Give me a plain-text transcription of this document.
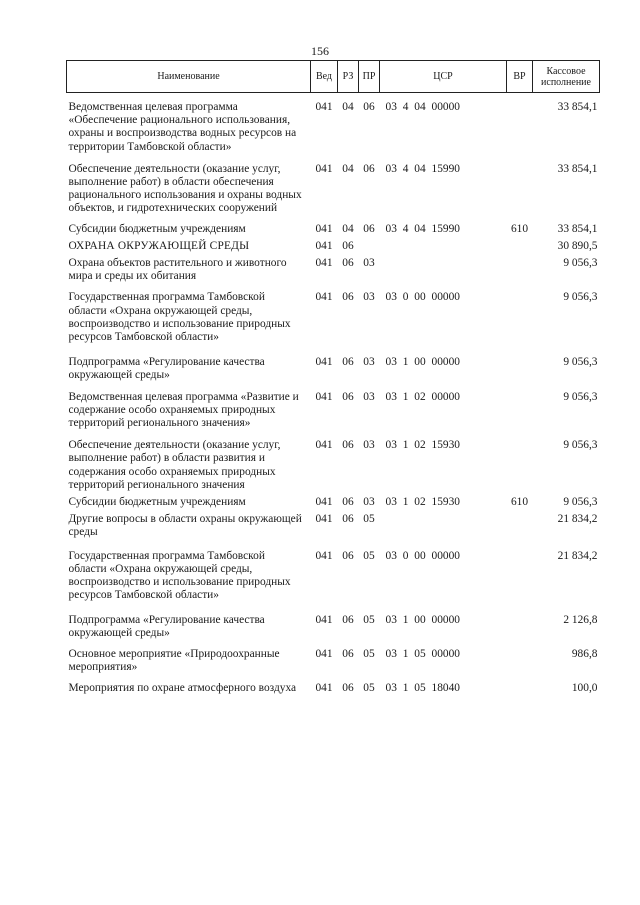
156
Наименование	Вед	РЗ	ПР	ЦСР	ВР	Кассовое исполнение
Ведомственная целевая программа «Обеспечение рационального использования, охраны и воспроизводства водных ресурсов на территории Тамбовской области»	041	04	06	03 4 04 00000		33 854,1
Обеспечение деятельности (оказание услуг, выполнение работ) в области обеспечения рационального использования и охраны водных объектов, и гидротехнических сооружений	041	04	06	03 4 04 15990		33 854,1
Субсидии бюджетным учреждениям	041	04	06	03 4 04 15990	610	33 854,1
ОХРАНА ОКРУЖАЮЩЕЙ СРЕДЫ	041	06				30 890,5
Охрана объектов растительного и животного мира и среды их обитания	041	06	03			9 056,3
Государственная программа Тамбовской области «Охрана окружающей среды, воспроизводство и использование природных ресурсов Тамбовской области»	041	06	03	03 0 00 00000		9 056,3
Подпрограмма «Регулирование качества окружающей среды»	041	06	03	03 1 00 00000		9 056,3
Ведомственная целевая программа «Развитие и содержание особо охраняемых природных территорий регионального значения»	041	06	03	03 1 02 00000		9 056,3
Обеспечение деятельности (оказание услуг, выполнение работ) в области развития и содержания особо охраняемых природных территорий регионального значения	041	06	03	03 1 02 15930		9 056,3
Субсидии бюджетным учреждениям	041	06	03	03 1 02 15930	610	9 056,3
Другие вопросы в области охраны окружающей среды	041	06	05			21 834,2
Государственная программа Тамбовской области «Охрана окружающей среды, воспроизводство и использование природных ресурсов Тамбовской области»	041	06	05	03 0 00 00000		21 834,2
Подпрограмма «Регулирование качества окружающей среды»	041	06	05	03 1 00 00000		2 126,8
Основное мероприятие «Природоохранные мероприятия»	041	06	05	03 1 05 00000		986,8
Мероприятия по охране атмосферного воздуха	041	06	05	03 1 05 18040		100,0
